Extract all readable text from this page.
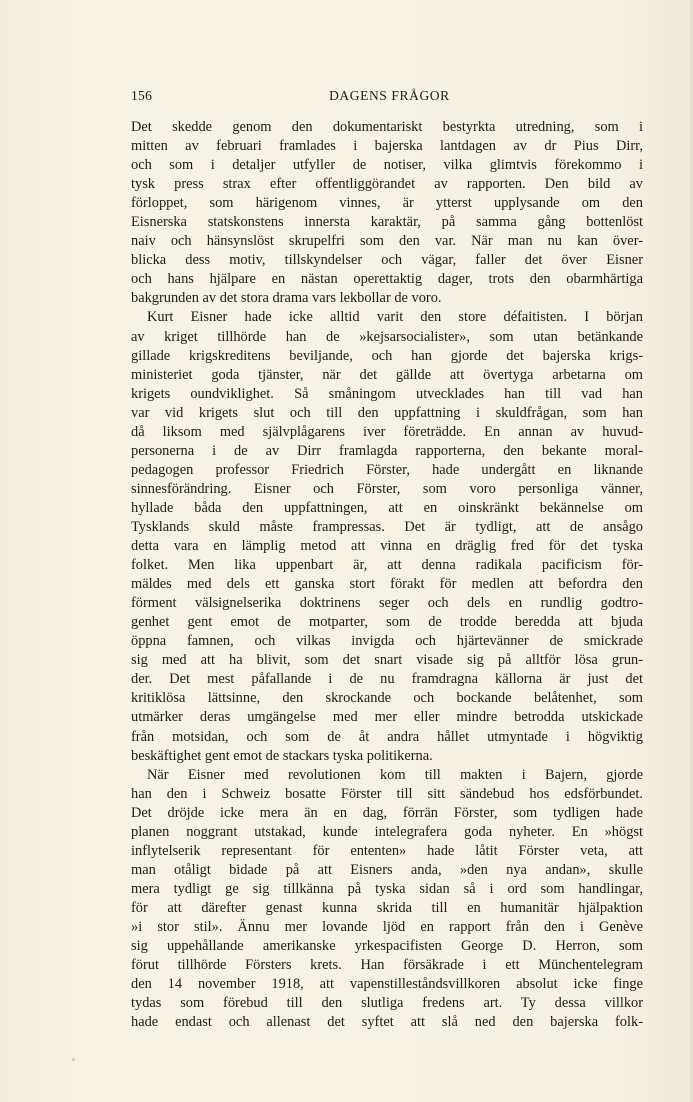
156	DAGENS FRÅGOR
Det skedde genom den dokumentariskt bestyrkta utredning, som i
mitten av februari framlades i bajerska lantdagen av dr Pius Dirr,
och som i detaljer utfyller de notiser, vilka glimtvis förekommo i
tysk press strax efter offentliggörandet av rapporten. Den bild av
förloppet, som härigenom vinnes, är ytterst upplysande om den
Eisnerska statskonstens innersta karaktär, på samma gång bottenlöst
naiv och hänsynslöst skrupelfri som den var. När man nu kan över-
blicka dess motiv, tillskyndelser och vägar, faller det över Eisner
och hans hjälpare en nästan operettaktig dager, trots den obarmhärtiga
bakgrunden av det stora drama vars lekbollar de voro.
Kurt Eisner hade icke alltid varit den store défaitisten. I början
av kriget tillhörde han de »kejsarsocialister», som utan betänkande
gillade krigskreditens beviljande, och han gjorde det bajerska krigs-
ministeriet goda tjänster, när det gällde att övertyga arbetarna om
krigets oundviklighet. Så småningom utvecklades han till vad han
var vid krigets slut och till den uppfattning i skuldfrågan, som han
då liksom med självplågarens iver företrädde. En annan av huvud-
personerna i de av Dirr framlagda rapporterna, den bekante moral-
pedagogen professor Friedrich Förster, hade undergått en liknande
sinnesförändring. Eisner och Förster, som voro personliga vänner,
hyllade båda den uppfattningen, att en oinskränkt bekännelse om
Tysklands skuld måste frampressas. Det är tydligt, att de ansågo
detta vara en lämplig metod att vinna en dräglig fred för det tyska
folket. Men lika uppenbart är, att denna radikala pacificism för-
mäldes med dels ett ganska stort förakt för medlen att befordra den
förment välsignelserika doktrinens seger och dels en rundlig godtro-
genhet gent emot de motparter, som de trodde beredda att bjuda
öppna famnen, och vilkas invigda och hjärtevänner de smickrade
sig med att ha blivit, som det snart visade sig på alltför lösa grun-
der. Det mest påfallande i de nu framdragna källorna är just det
kritiklösa lättsinne, den skrockande och bockande belåtenhet, som
utmärker deras umgängelse med mer eller mindre betrodda utskickade
från motsidan, och som de åt andra hållet utmyntade i högviktig
beskäftighet gent emot de stackars tyska politikerna.
När Eisner med revolutionen kom till makten i Bajern, gjorde
han den i Schweiz bosatte Förster till sitt sändebud hos edsförbundet.
Det dröjde icke mera än en dag, förrän Förster, som tydligen hade
planen noggrant utstakad, kunde intelegrafera goda nyheter. En »högst
inflytelserik representant för ententen» hade låtit Förster veta, att
man otåligt bidade på att Eisners anda, »den nya andan», skulle
mera tydligt ge sig tillkänna på tyska sidan så i ord som handlingar,
för att därefter genast kunna skrida till en humanitär hjälpaktion
»i stor stil». Ännu mer lovande ljöd en rapport från den i Genève
sig uppehållande amerikanske yrkespacifisten George D. Herron, som
förut tillhörde Försters krets. Han försäkrade i ett Münchentelegram
den 14 november 1918, att vapenstilleståndsvillkoren absolut icke finge
tydas som förebud till den slutliga fredens art. Ty dessa villkor
hade endast och allenast det syftet att slå ned den bajerska folk-
